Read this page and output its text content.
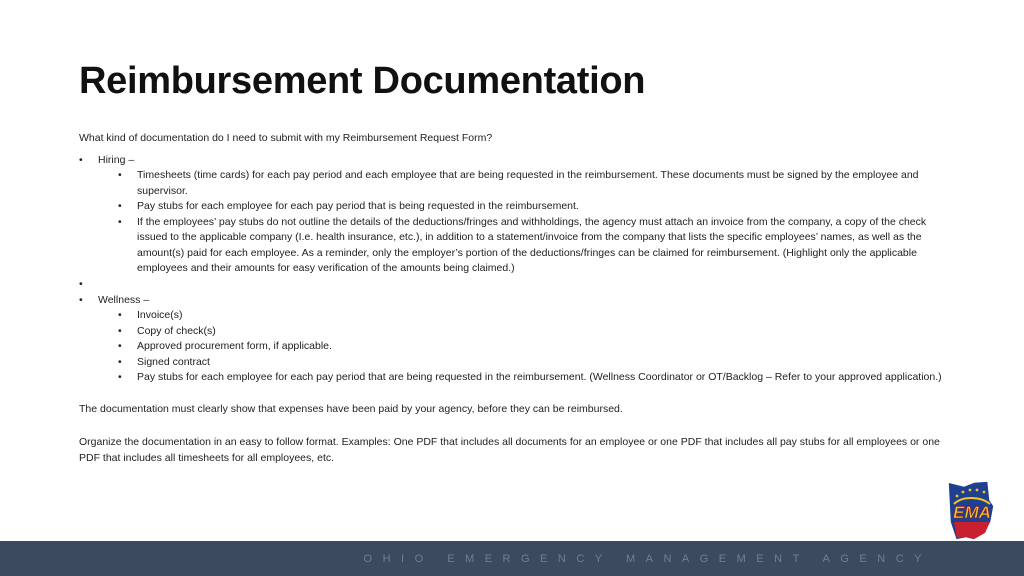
Reimbursement Documentation

What kind of documentation do I need to submit with my Reimbursement Request Form?

• Hiring –
• Timesheets (time cards) for each pay period and each employee that are being requested in the reimbursement. These documents must be signed by the employee and supervisor.
• Pay stubs for each employee for each pay period that is being requested in the reimbursement.
• If the employees’ pay stubs do not outline the details of the deductions/fringes and withholdings, the agency must attach an invoice from the company, a copy of the check issued to the applicable company (I.e. health insurance, etc.), in addition to a statement/invoice from the company that lists the specific employees’ names, as well as the amount(s) paid for each employee. As a reminder, only the employer’s portion of the deductions/fringes can be claimed for reimbursement. (Highlight only the applicable employees and their amounts for easy verification of the amounts being claimed.)
•
• Wellness –
• Invoice(s)
• Copy of check(s)
• Approved procurement form, if applicable.
• Signed contract
• Pay stubs for each employee for each pay period that are being requested in the reimbursement. (Wellness Coordinator or OT/Backlog – Refer to your approved application.)

The documentation must clearly show that expenses have been paid by your agency, before they can be reimbursed.

Organize the documentation in an easy to follow format. Examples: One PDF that includes all documents for an employee or one PDF that includes all pay stubs for all employees or one PDF that includes all timesheets for all employees, etc.

OHIO EMERGENCY MANAGEMENT AGENCY
EMA
